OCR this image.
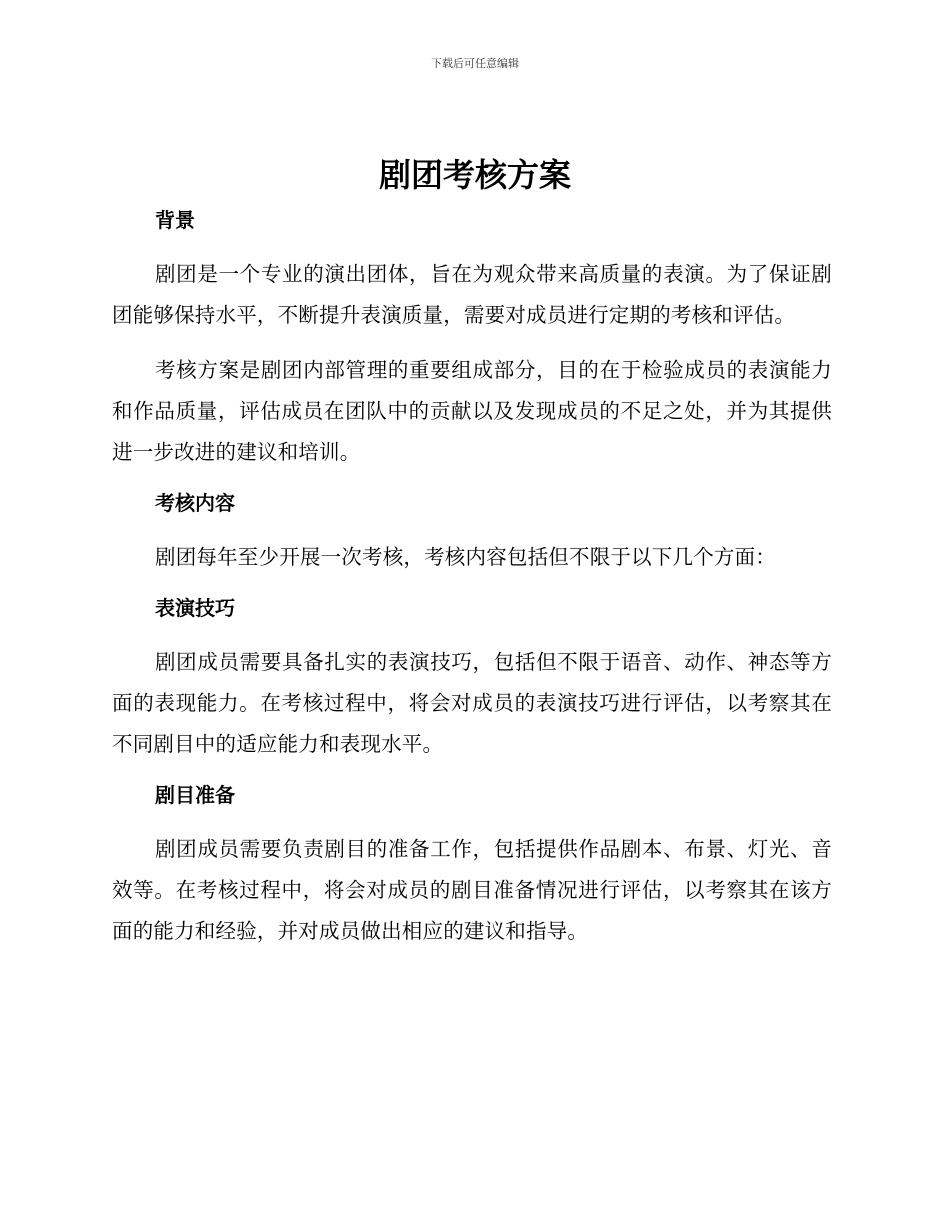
下载后可任意编辑
剧团考核方案
背景

剧团是一个专业的演出团体，旨在为观众带来高质量的表演。为了保证剧团能够保持水平，不断提升表演质量，需要对成员进行定期的考核和评估。

考核方案是剧团内部管理的重要组成部分，目的在于检验成员的表演能力和作品质量，评估成员在团队中的贡献以及发现成员的不足之处，并为其提供进一步改进的建议和培训。

考核内容

剧团每年至少开展一次考核，考核内容包括但不限于以下几个方面：

表演技巧

剧团成员需要具备扎实的表演技巧，包括但不限于语音、动作、神态等方面的表现能力。在考核过程中，将会对成员的表演技巧进行评估，以考察其在不同剧目中的适应能力和表现水平。

剧目准备

剧团成员需要负责剧目的准备工作，包括提供作品剧本、布景、灯光、音效等。在考核过程中，将会对成员的剧目准备情况进行评估，以考察其在该方面的能力和经验，并对成员做出相应的建议和指导。
